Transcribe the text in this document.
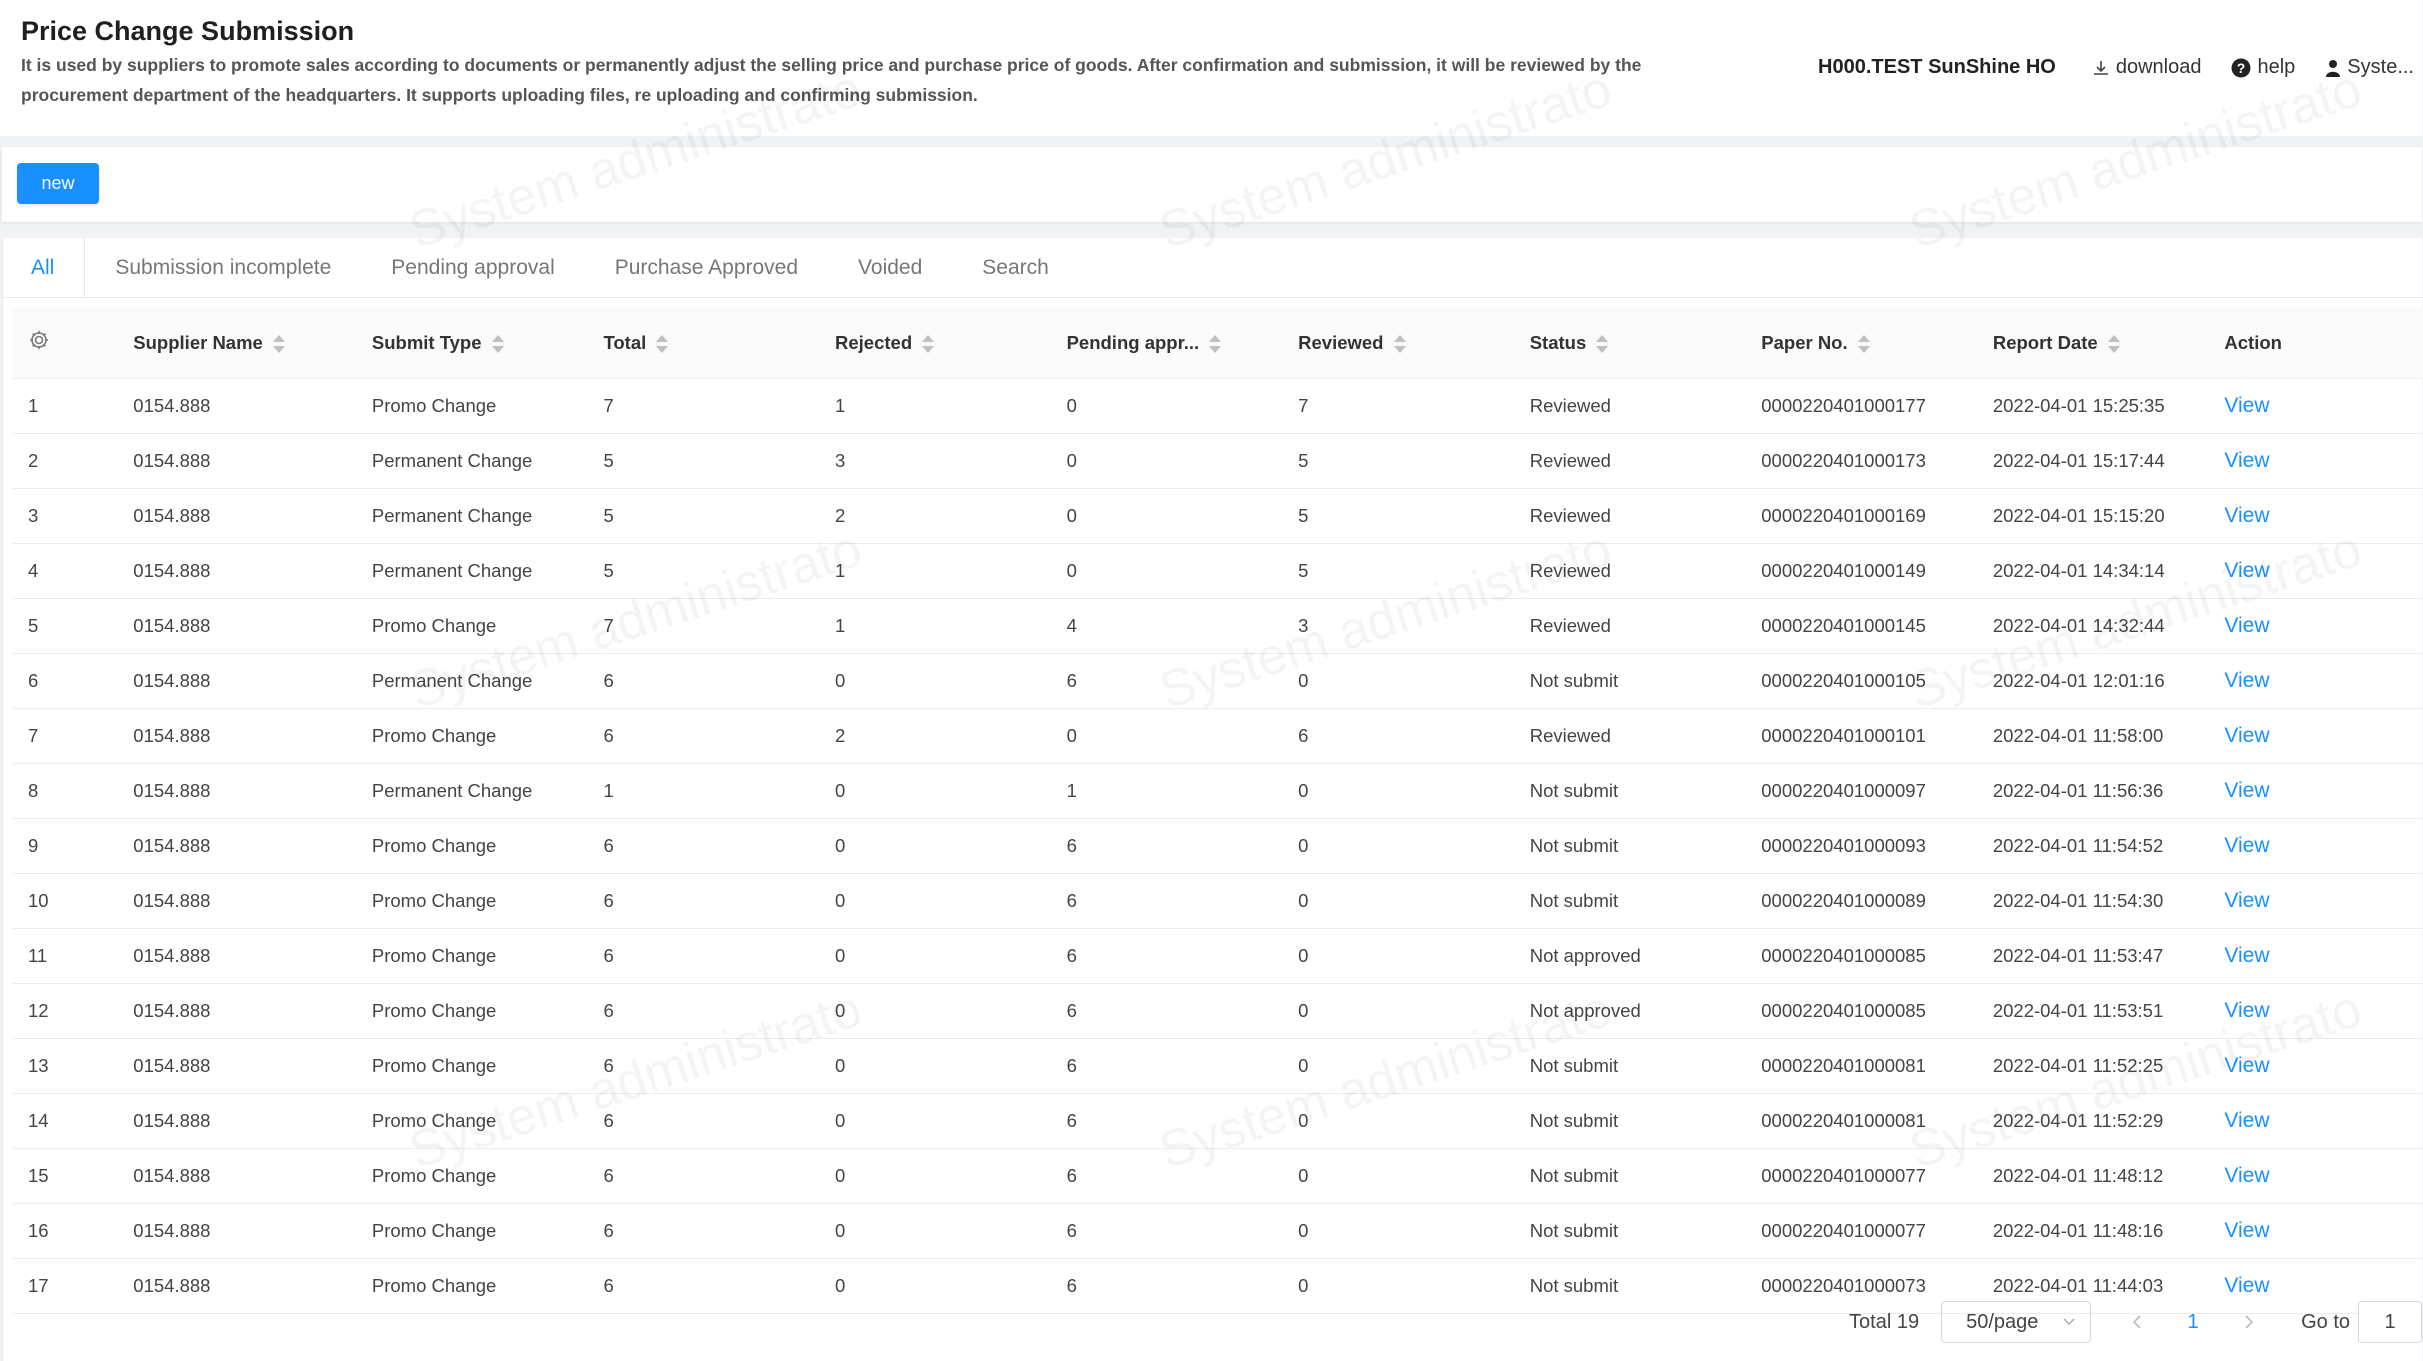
Price Change Submission
It is used by suppliers to promote sales according to documents or permanently adjust the selling price and purchase price of goods. After confirmation and submission, it will be reviewed by the procurement department of the headquarters. It supports uploading files, re uploading and confirming submission.
H000.TEST SunShine HO	download	? help	Syste...
new
All	Submission incomplete	Pending approval	Purchase Approved	Voided	Search
	Supplier Name	Submit Type	Total	Rejected	Pending appr...	Reviewed	Status	Paper No.	Report Date	Action
1	0154.888	Promo Change	7	1	0	7	Reviewed	0000220401000177	2022-04-01 15:25:35	View
2	0154.888	Permanent Change	5	3	0	5	Reviewed	0000220401000173	2022-04-01 15:17:44	View
3	0154.888	Permanent Change	5	2	0	5	Reviewed	0000220401000169	2022-04-01 15:15:20	View
4	0154.888	Permanent Change	5	1	0	5	Reviewed	0000220401000149	2022-04-01 14:34:14	View
5	0154.888	Promo Change	7	1	4	3	Reviewed	0000220401000145	2022-04-01 14:32:44	View
6	0154.888	Permanent Change	6	0	6	0	Not submit	0000220401000105	2022-04-01 12:01:16	View
7	0154.888	Promo Change	6	2	0	6	Reviewed	0000220401000101	2022-04-01 11:58:00	View
8	0154.888	Permanent Change	1	0	1	0	Not submit	0000220401000097	2022-04-01 11:56:36	View
9	0154.888	Promo Change	6	0	6	0	Not submit	0000220401000093	2022-04-01 11:54:52	View
10	0154.888	Promo Change	6	0	6	0	Not submit	0000220401000089	2022-04-01 11:54:30	View
11	0154.888	Promo Change	6	0	6	0	Not approved	0000220401000085	2022-04-01 11:53:47	View
12	0154.888	Promo Change	6	0	6	0	Not approved	0000220401000085	2022-04-01 11:53:51	View
13	0154.888	Promo Change	6	0	6	0	Not submit	0000220401000081	2022-04-01 11:52:25	View
14	0154.888	Promo Change	6	0	6	0	Not submit	0000220401000081	2022-04-01 11:52:29	View
15	0154.888	Promo Change	6	0	6	0	Not submit	0000220401000077	2022-04-01 11:48:12	View
16	0154.888	Promo Change	6	0	6	0	Not submit	0000220401000077	2022-04-01 11:48:16	View
17	0154.888	Promo Change	6	0	6	0	Not submit	0000220401000073	2022-04-01 11:44:03	View
Total 19 50/page	1	Go to
1
